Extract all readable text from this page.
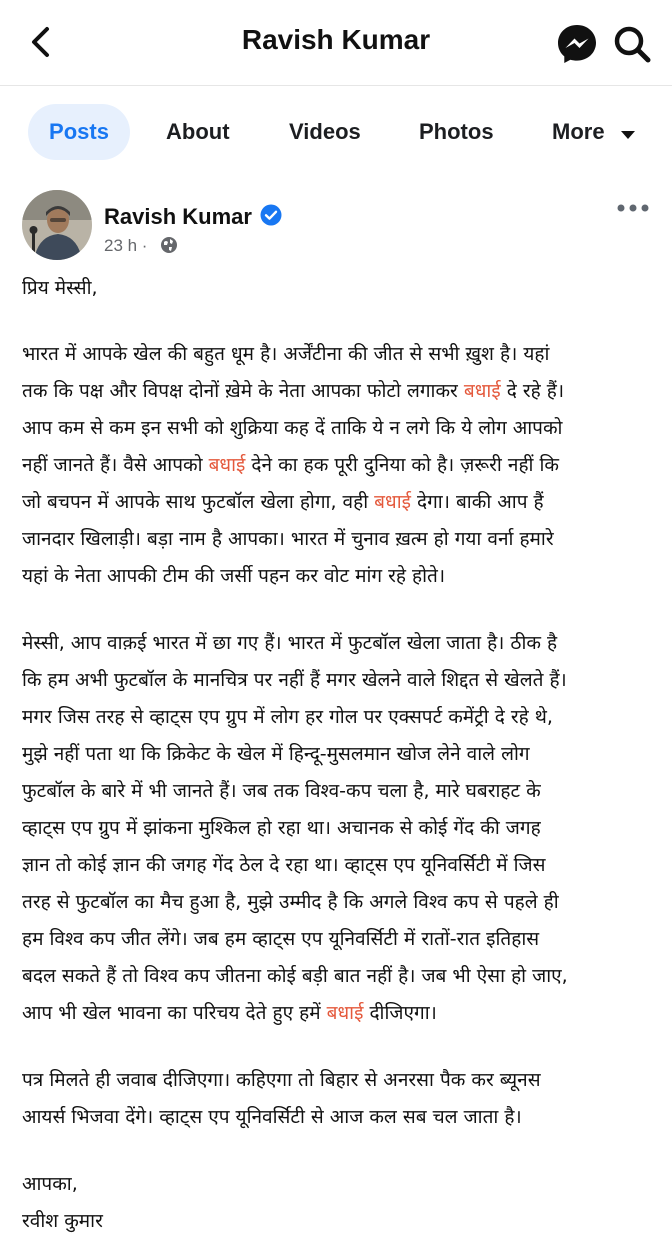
Ravish Kumar
Posts	About	Videos	Photos	More
Ravish Kumar
23 h ·
प्रिय मेस्सी,
भारत में आपके खेल की बहुत धूम है। अर्जेंटीना की जीत से सभी ख़ुश है। यहां
तक कि पक्ष और विपक्ष दोनों ख़ेमे के नेता आपका फोटो लगाकर बधाई दे रहे हैं।
आप कम से कम इन सभी को शुक्रिया कह दें ताकि ये न लगे कि ये लोग आपको
नहीं जानते हैं। वैसे आपको बधाई देने का हक पूरी दुनिया को है। ज़रूरी नहीं कि
जो बचपन में आपके साथ फुटबॉल खेला होगा, वही बधाई देगा। बाकी आप हैं
जानदार खिलाड़ी। बड़ा नाम है आपका। भारत में चुनाव ख़त्म हो गया वर्ना हमारे
यहां के नेता आपकी टीम की जर्सी पहन कर वोट मांग रहे होते।
मेस्सी, आप वाक़ई भारत में छा गए हैं। भारत में फुटबॉल खेला जाता है। ठीक है
कि हम अभी फुटबॉल के मानचित्र पर नहीं हैं मगर खेलने वाले शिद्दत से खेलते हैं।
मगर जिस तरह से व्हाट्स एप ग्रुप में लोग हर गोल पर एक्सपर्ट कमेंट्री दे रहे थे,
मुझे नहीं पता था कि क्रिकेट के खेल में हिन्दू-मुसलमान खोज लेने वाले लोग
फुटबॉल के बारे में भी जानते हैं। जब तक विश्व-कप चला है, मारे घबराहट के
व्हाट्स एप ग्रुप में झांकना मुश्किल हो रहा था। अचानक से कोई गेंद की जगह
ज्ञान तो कोई ज्ञान की जगह गेंद ठेल दे रहा था। व्हाट्स एप यूनिवर्सिटी में जिस
तरह से फुटबॉल का मैच हुआ है, मुझे उम्मीद है कि अगले विश्व कप से पहले ही
हम विश्व कप जीत लेंगे। जब हम व्हाट्स एप यूनिवर्सिटी में रातों-रात इतिहास
बदल सकते हैं तो विश्व कप जीतना कोई बड़ी बात नहीं है। जब भी ऐसा हो जाए,
आप भी खेल भावना का परिचय देते हुए हमें बधाई दीजिएगा।
पत्र मिलते ही जवाब दीजिएगा। कहिएगा तो बिहार से अनरसा पैक कर ब्यूनस
आयर्स भिजवा देंगे। व्हाट्स एप यूनिवर्सिटी से आज कल सब चल जाता है।
आपका,
रवीश कुमार
